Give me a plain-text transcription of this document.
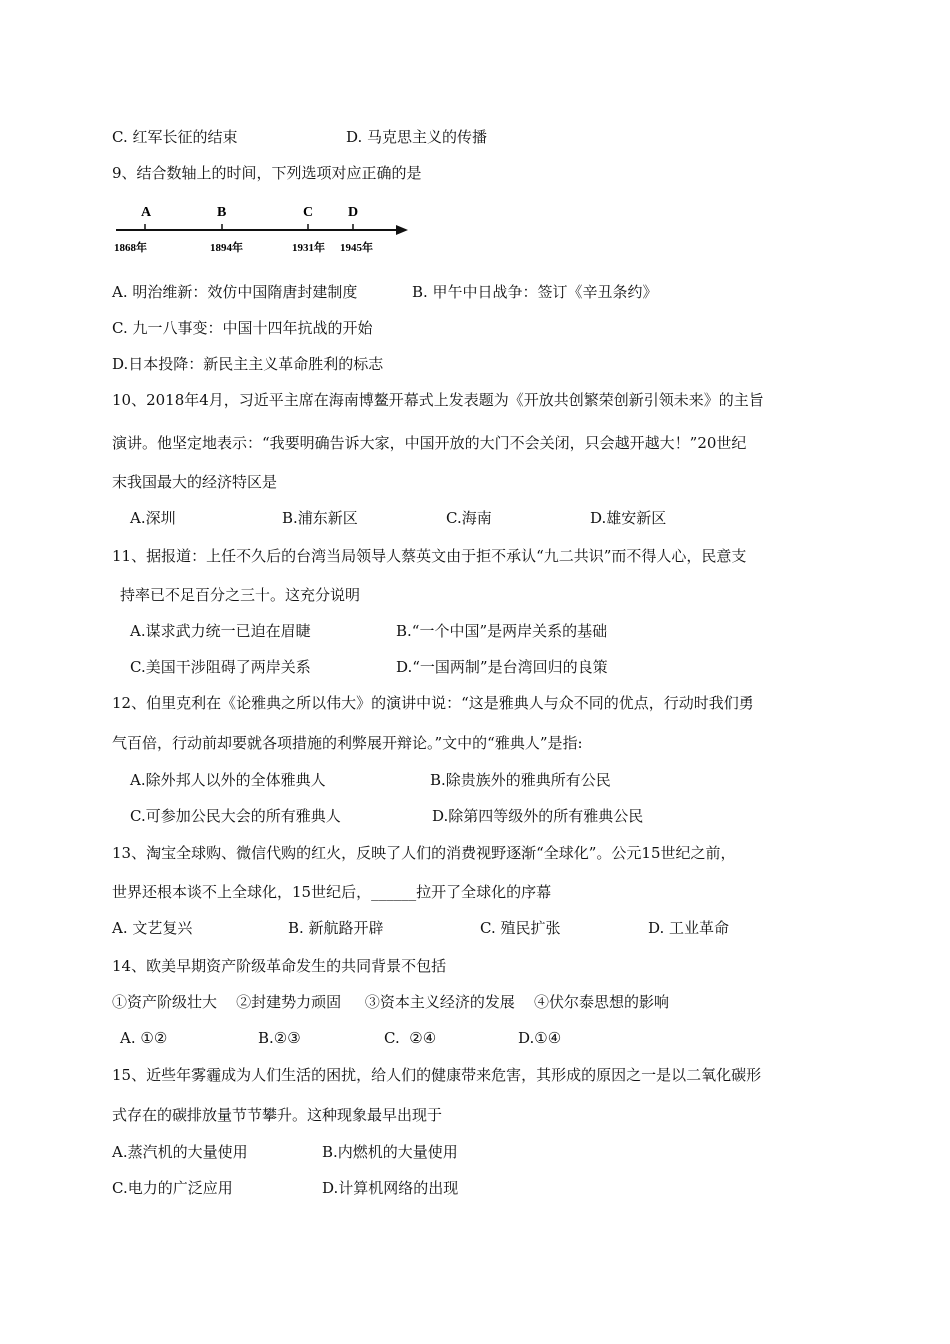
C. 红军长征的结束	D. 马克思主义的传播
9、结合数轴上的时间，下列选项对应正确的是
A
1868年
B
1894年
C
1931年
D
1945年
A. 明治维新：效仿中国隋唐封建制度	B. 甲午中日战争：签订《辛丑条约》
C. 九一八事变：中国十四年抗战的开始
D.日本投降：新民主主义革命胜利的标志
10、2018年4月，习近平主席在海南博鳌开幕式上发表题为《开放共创繁荣创新引领未来》的主旨
演讲。他坚定地表示：“我要明确告诉大家，中国开放的大门不会关闭，只会越开越大！”20世纪
末我国最大的经济特区是
A.深圳	B.浦东新区	C.海南	D.雄安新区
11、据报道：上任不久后的台湾当局领导人蔡英文由于拒不承认“九二共识”而不得人心，民意支
持率已不足百分之三十。这充分说明
A.谋求武力统一已迫在眉睫	B.“一个中国”是两岸关系的基础
C.美国干涉阻碍了两岸关系	D.“一国两制”是台湾回归的良策
12、伯里克利在《论雅典之所以伟大》的演讲中说：“这是雅典人与众不同的优点，行动时我们勇
气百倍，行动前却要就各项措施的利弊展开辩论。”文中的“雅典人”是指:
A.除外邦人以外的全体雅典人	B.除贵族外的雅典所有公民
C.可参加公民大会的所有雅典人	D.除第四等级外的所有雅典公民
13、淘宝全球购、微信代购的红火，反映了人们的消费视野逐渐“全球化”。公元15世纪之前，
世界还根本谈不上全球化，15世纪后，______拉开了全球化的序幕
A. 文艺复兴	B. 新航路开辟	C. 殖民扩张	D. 工业革命
14、欧美早期资产阶级革命发生的共同背景不包括
①资产阶级壮大    ②封建势力顽固     ③资本主义经济的发展    ④伏尔泰思想的影响
A. ①②	B.②③	C.  ②④	D.①④
15、近些年雾霾成为人们生活的困扰，给人们的健康带来危害，其形成的原因之一是以二氧化碳形
式存在的碳排放量节节攀升。这种现象最早出现于
A.蒸汽机的大量使用	B.内燃机的大量使用
C.电力的广泛应用	D.计算机网络的出现
